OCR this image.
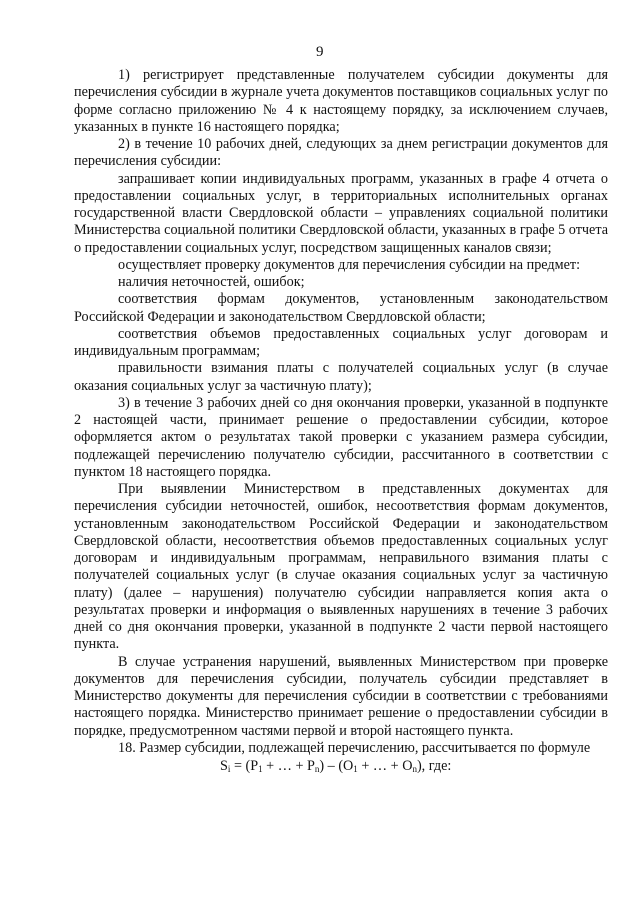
9

1) регистрирует представленные получателем субсидии документы для перечисления субсидии в журнале учета документов поставщиков социальных услуг по форме согласно приложению № 4 к настоящему порядку, за исключением случаев, указанных в пункте 16 настоящего порядка;

2) в течение 10 рабочих дней, следующих за днем регистрации документов для перечисления субсидии:

запрашивает копии индивидуальных программ, указанных в графе 4 отчета о предоставлении социальных услуг, в территориальных исполнительных органах государственной власти Свердловской области – управлениях социальной политики Министерства социальной политики Свердловской области, указанных в графе 5 отчета о предоставлении социальных услуг, посредством защищенных каналов связи;

осуществляет проверку документов для перечисления субсидии на предмет:

наличия неточностей, ошибок;

соответствия формам документов, установленным законодательством Российской Федерации и законодательством Свердловской области;

соответствия объемов предоставленных социальных услуг договорам и индивидуальным программам;

правильности взимания платы с получателей социальных услуг (в случае оказания социальных услуг за частичную плату);

3) в течение 3 рабочих дней со дня окончания проверки, указанной в подпункте 2 настоящей части, принимает решение о предоставлении субсидии, которое оформляется актом о результатах такой проверки с указанием размера субсидии, подлежащей перечислению получателю субсидии, рассчитанного в соответствии с пунктом 18 настоящего порядка.

При выявлении Министерством в представленных документах для перечисления субсидии неточностей, ошибок, несоответствия формам документов, установленным законодательством Российской Федерации и законодательством Свердловской области, несоответствия объемов предоставленных социальных услуг договорам и индивидуальным программам, неправильного взимания платы с получателей социальных услуг (в случае оказания социальных услуг за частичную плату) (далее – нарушения) получателю субсидии направляется копия акта о результатах проверки и информация о выявленных нарушениях в течение 3 рабочих дней со дня окончания проверки, указанной в подпункте 2 части первой настоящего пункта.

В случае устранения нарушений, выявленных Министерством при проверке документов для перечисления субсидии, получатель субсидии представляет в Министерство документы для перечисления субсидии в соответствии с требованиями настоящего порядка. Министерство принимает решение о предоставлении субсидии в порядке, предусмотренном частями первой и второй настоящего пункта.

18. Размер субсидии, подлежащей перечислению, рассчитывается по формуле

$S_i = (P_1$ + … + $P_n) - (O_1$ + … + $O_n$), где:
